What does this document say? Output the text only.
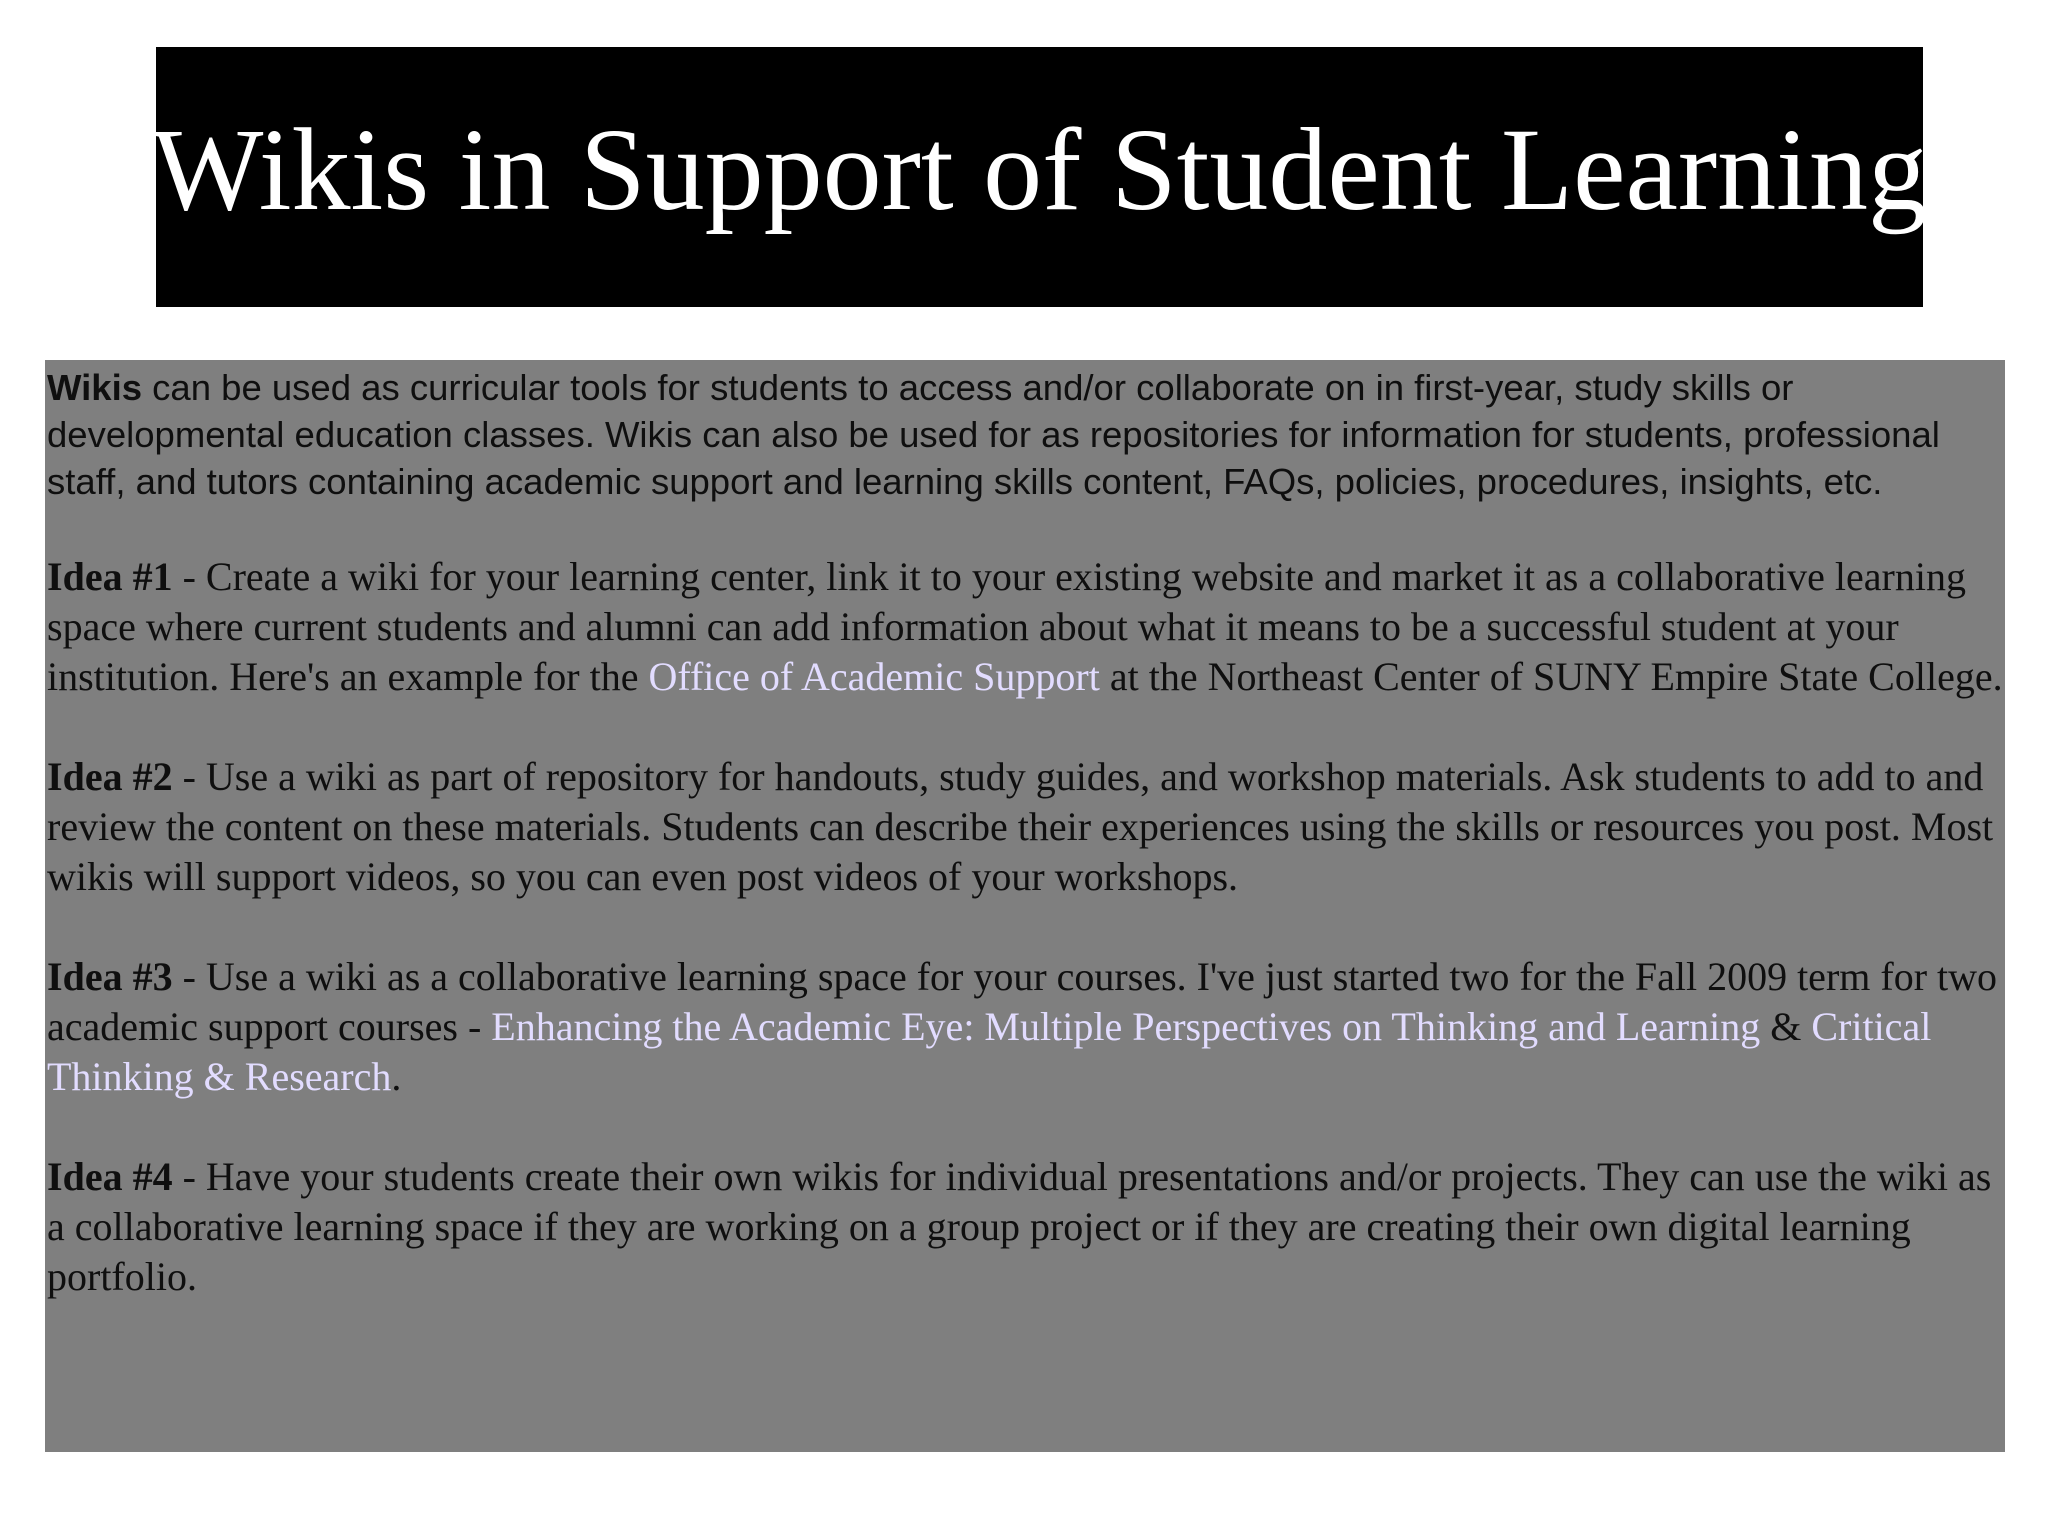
Wikis in Support of Student Learning

Wikis can be used as curricular tools for students to access and/or collaborate on in first-year, study skills or developmental education classes. Wikis can also be used for as repositories for information for students, professional staff, and tutors containing academic support and learning skills content, FAQs, policies, procedures, insights, etc.

Idea #1 - Create a wiki for your learning center, link it to your existing website and market it as a collaborative learning space where current students and alumni can add information about what it means to be a successful student at your institution. Here's an example for the Office of Academic Support at the Northeast Center of SUNY Empire State College.

Idea #2 - Use a wiki as part of repository for handouts, study guides, and workshop materials. Ask students to add to and review the content on these materials. Students can describe their experiences using the skills or resources you post. Most wikis will support videos, so you can even post videos of your workshops.

Idea #3 - Use a wiki as a collaborative learning space for your courses. I've just started two for the Fall 2009 term for two academic support courses - Enhancing the Academic Eye: Multiple Perspectives on Thinking and Learning & Critical Thinking & Research.

Idea #4 - Have your students create their own wikis for individual presentations and/or projects. They can use the wiki as a collaborative learning space if they are working on a group project or if they are creating their own digital learning portfolio.
